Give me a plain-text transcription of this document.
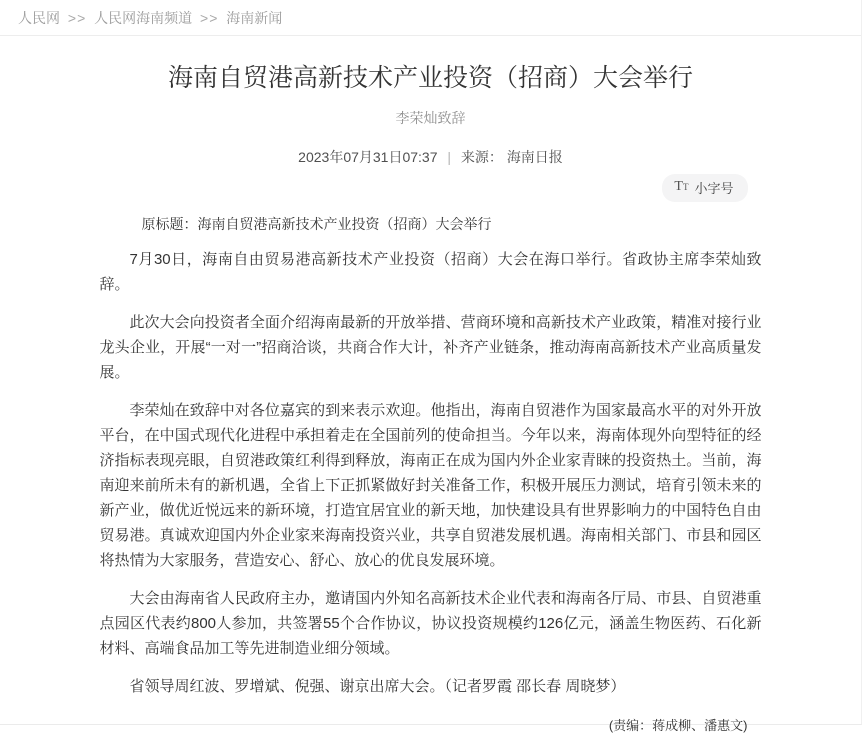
人民网 >> 人民网海南频道 >> 海南新闻
海南自贸港高新技术产业投资（招商）大会举行
李荣灿致辞
2023年07月31日07:37 | 来源： 海南日报
T T 小字号

原标题：海南自贸港高新技术产业投资（招商）大会举行

7月30日，海南自由贸易港高新技术产业投资（招商）大会在海口举行。省政协主席李荣灿致辞。

此次大会向投资者全面介绍海南最新的开放举措、营商环境和高新技术产业政策，精准对接行业龙头企业，开展“一对一”招商洽谈，共商合作大计，补齐产业链条，推动海南高新技术产业高质量发展。

李荣灿在致辞中对各位嘉宾的到来表示欢迎。他指出，海南自贸港作为国家最高水平的对外开放平台，在中国式现代化进程中承担着走在全国前列的使命担当。今年以来，海南体现外向型特征的经济指标表现亮眼，自贸港政策红利得到释放，海南正在成为国内外企业家青睐的投资热土。当前，海南迎来前所未有的新机遇，全省上下正抓紧做好封关准备工作，积极开展压力测试，培育引领未来的新产业，做优近悦远来的新环境，打造宜居宜业的新天地，加快建设具有世界影响力的中国特色自由贸易港。真诚欢迎国内外企业家来海南投资兴业，共享自贸港发展机遇。海南相关部门、市县和园区将热情为大家服务，营造安心、舒心、放心的优良发展环境。

大会由海南省人民政府主办，邀请国内外知名高新技术企业代表和海南各厅局、市县、自贸港重点园区代表约800人参加，共签署55个合作协议，协议投资规模约126亿元，涵盖生物医药、石化新材料、高端食品加工等先进制造业细分领域。

省领导周红波、罗增斌、倪强、谢京出席大会。（记者罗霞 邵长春 周晓梦）

(责编：蒋成柳、潘惠文)
